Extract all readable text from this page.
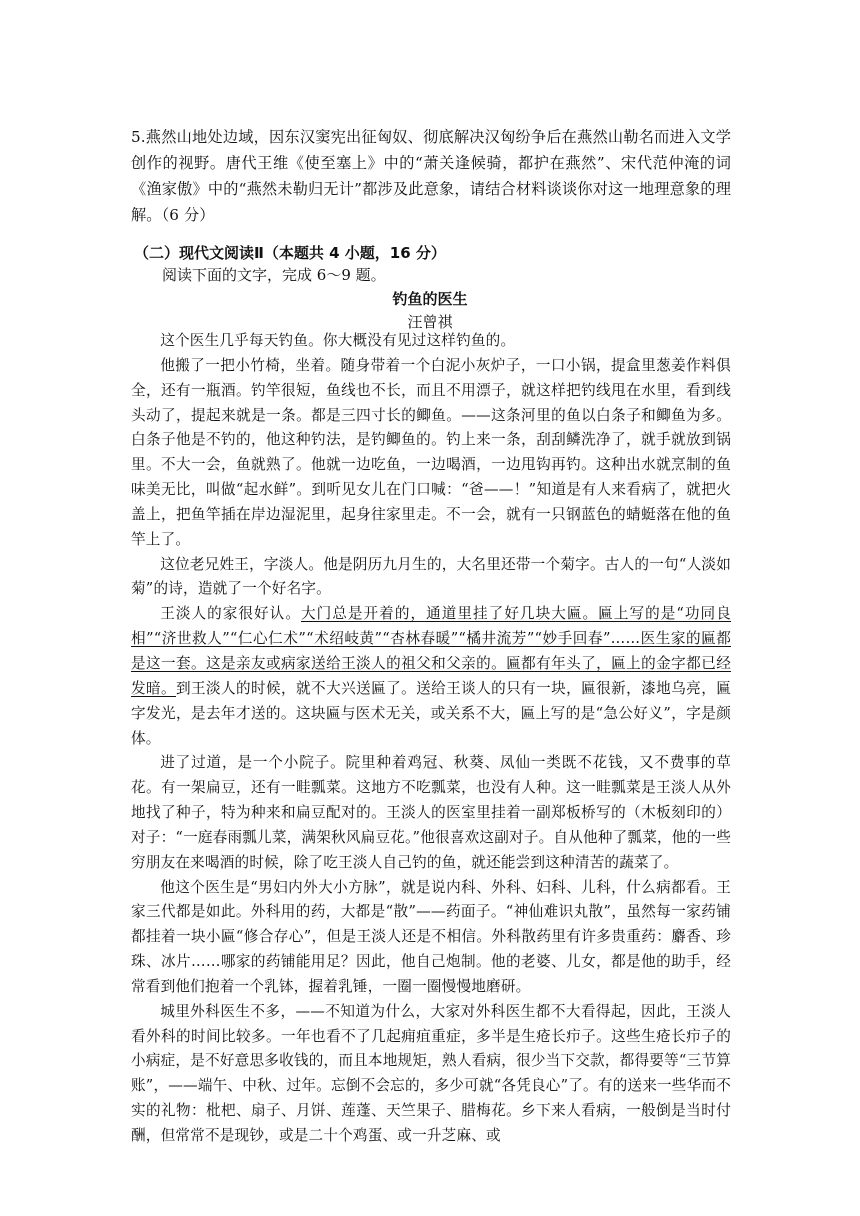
5.燕然山地处边域，因东汉窦宪出征匈奴、彻底解决汉匈纷争后在燕然山勒名而进入文学创作的视野。唐代王维《使至塞上》中的“萧关逢候骑，都护在燕然”、宋代范仲淹的词《渔家傲》中的“燕然未勒归无计”都涉及此意象，请结合材料谈谈你对这一地理意象的理解。（6 分）
（二）现代文阅读Ⅱ（本题共 4 小题，16 分）
阅读下面的文字，完成 6～9 题。
钓鱼的医生
汪曾祺

这个医生几乎每天钓鱼。你大概没有见过这样钓鱼的。

他搬了一把小竹椅，坐着。随身带着一个白泥小灰炉子，一口小锅，提盒里葱姜作料俱全，还有一瓶酒。钓竿很短，鱼线也不长，而且不用漂子，就这样把钓线甩在水里，看到线头动了，提起来就是一条。都是三四寸长的鲫鱼。——这条河里的鱼以白条子和鲫鱼为多。白条子他是不钓的，他这种钓法，是钓鲫鱼的。钓上来一条，刮刮鳞洗净了，就手就放到锅里。不大一会，鱼就熟了。他就一边吃鱼，一边喝酒，一边甩钩再钓。这种出水就烹制的鱼味美无比，叫做“起水鲜”。到听见女儿在门口喊：“爸——！”知道是有人来看病了，就把火盖上，把鱼竿插在岸边湿泥里，起身往家里走。不一会，就有一只钢蓝色的蜻蜓落在他的鱼竿上了。

这位老兄姓王，字淡人。他是阴历九月生的，大名里还带一个菊字。古人的一句“人淡如菊”的诗，造就了一个好名字。

王淡人的家很好认。大门总是开着的，通道里挂了好几块大匾。匾上写的是“功同良相”“济世救人”“仁心仁术”“术绍岐黄”“杏林春暖”“橘井流芳”“妙手回春”……医生家的匾都是这一套。这是亲友或病家送给王淡人的祖父和父亲的。匾都有年头了，匾上的金字都已经发暗。到王淡人的时候，就不大兴送匾了。送给王谈人的只有一块，匾很新，漆地乌亮，匾字发光，是去年才送的。这块匾与医术无关，或关系不大，匾上写的是“急公好义”，字是颜体。

进了过道，是一个小院子。院里种着鸡冠、秋葵、凤仙一类既不花钱，又不费事的草花。有一架扁豆，还有一畦瓢菜。这地方不吃瓢菜，也没有人种。这一畦瓢菜是王淡人从外地找了种子，特为种来和扁豆配对的。王淡人的医室里挂着一副郑板桥写的（木板刻印的）对子：“一庭春雨瓢儿菜，满架秋风扁豆花。”他很喜欢这副对子。自从他种了瓢菜，他的一些穷朋友在来喝酒的时候，除了吃王淡人自己钓的鱼，就还能尝到这种清苦的蔬菜了。

他这个医生是“男妇内外大小方脉”，就是说内科、外科、妇科、儿科，什么病都看。王家三代都是如此。外科用的药，大都是“散”——药面子。“神仙难识丸散”，虽然每一家药铺都挂着一块小匾“修合存心”，但是王淡人还是不相信。外科散药里有许多贵重药：麝香、珍珠、冰片……哪家的药铺能用足？因此，他自己炮制。他的老婆、儿女，都是他的助手，经常看到他们抱着一个乳钵，握着乳锤，一圈一圈慢慢地磨研。

城里外科医生不多，——不知道为什么，大家对外科医生都不大看得起，因此，王淡人看外科的时间比较多。一年也看不了几起痈疽重症，多半是生疮长疖子。这些生疮长疖子的小病症，是不好意思多收钱的，而且本地规矩，熟人看病，很少当下交款，都得要等“三节算账”，——端午、中秋、过年。忘倒不会忘的，多少可就“各凭良心”了。有的送来一些华而不实的礼物：枇杷、扇子、月饼、莲蓬、天竺果子、腊梅花。乡下来人看病，一般倒是当时付酬，但常常不是现钞，或是二十个鸡蛋、或一升芝麻、或
